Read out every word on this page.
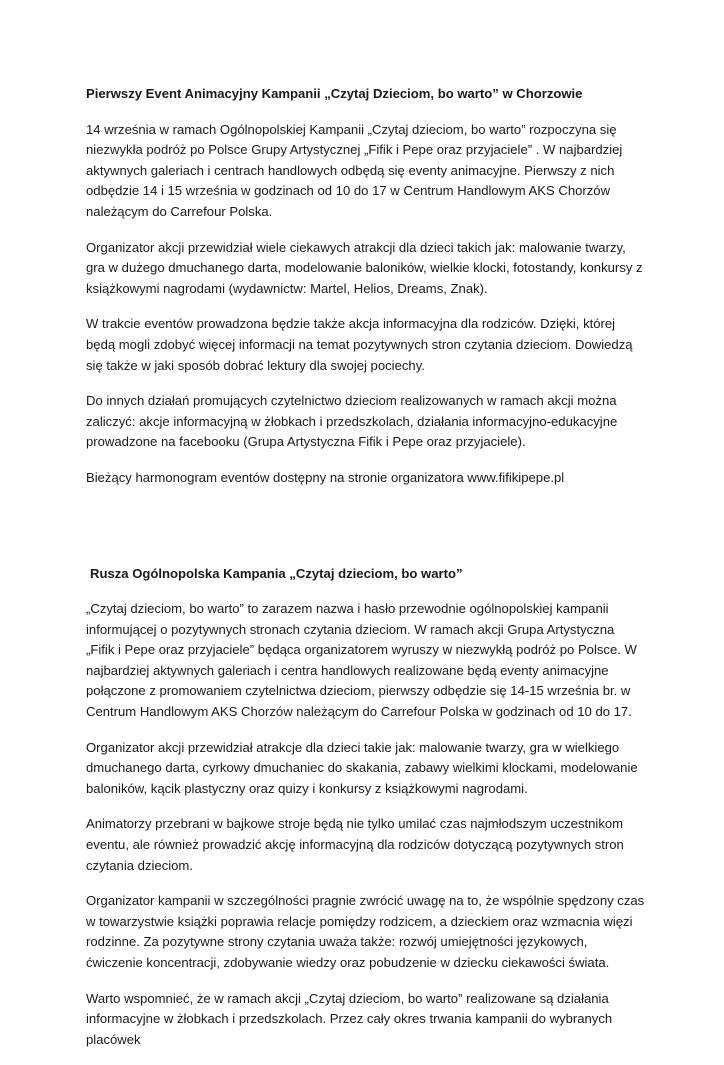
Pierwszy Event Animacyjny Kampanii „Czytaj Dzieciom, bo warto” w Chorzowie
14 września w ramach Ogólnopolskiej Kampanii „Czytaj dzieciom, bo warto” rozpoczyna się niezwykła podróż po Polsce Grupy Artystycznej „Fifik i Pepe oraz przyjaciele” . W najbardziej aktywnych galeriach i centrach handlowych odbędą się eventy animacyjne. Pierwszy z nich odbędzie 14 i 15 września w godzinach od 10 do 17 w Centrum Handlowym AKS Chorzów należącym do Carrefour Polska.
Organizator akcji przewidział wiele ciekawych atrakcji dla dzieci takich jak: malowanie twarzy, gra w dużego dmuchanego darta, modelowanie baloników, wielkie klocki, fotostandy, konkursy z książkowymi nagrodami (wydawnictw: Martel, Helios, Dreams, Znak).
W trakcie eventów prowadzona będzie także akcja informacyjna dla rodziców. Dzięki, której będą mogli zdobyć więcej informacji na temat pozytywnych stron czytania dzieciom. Dowiedzą się także w jaki sposób dobrać lektury dla swojej pociechy.
Do innych działań promujących czytelnictwo dzieciom realizowanych w ramach akcji można zaliczyć: akcje informacyjną w żłobkach i przedszkolach, działania informacyjno-edukacyjne prowadzone na facebooku (Grupa Artystyczna Fifik i Pepe oraz przyjaciele).
Bieżący harmonogram eventów dostępny na stronie organizatora www.fifikipepe.pl
Rusza Ogólnopolska Kampania „Czytaj dzieciom, bo warto”
„Czytaj dzieciom, bo warto” to zarazem nazwa i hasło przewodnie ogólnopolskiej kampanii informującej o pozytywnych stronach czytania dzieciom. W ramach akcji Grupa Artystyczna „Fifik i Pepe oraz przyjaciele” będąca organizatorem wyruszy w niezwykłą podróż po Polsce. W najbardziej aktywnych galeriach i centra handlowych realizowane będą eventy animacyjne połączone z promowaniem czytelnictwa dzieciom, pierwszy odbędzie się 14-15 września br. w Centrum Handlowym AKS Chorzów należącym do Carrefour Polska w godzinach od 10 do 17.
Organizator akcji przewidział atrakcje dla dzieci takie jak: malowanie twarzy, gra w wielkiego dmuchanego darta, cyrkowy dmuchaniec do skakania, zabawy wielkimi klockami, modelowanie baloników, kącik plastyczny oraz quizy i konkursy z książkowymi nagrodami.
Animatorzy przebrani w bajkowe stroje będą nie tylko umilać czas najmłodszym uczestnikom eventu, ale również prowadzić akcję informacyjną dla rodziców dotyczącą pozytywnych stron czytania dzieciom.
Organizator kampanii w szczególności pragnie zwrócić uwagę na to, że wspólnie spędzony czas w towarzystwie książki poprawia relacje pomiędzy rodzicem, a dzieckiem oraz wzmacnia więzi rodzinne. Za pozytywne strony czytania uważa także: rozwój umiejętności językowych, ćwiczenie koncentracji, zdobywanie wiedzy oraz pobudzenie w dziecku ciekawości świata.
Warto wspomnieć, że w ramach akcji „Czytaj dzieciom, bo warto” realizowane są działania informacyjne w żłobkach i przedszkolach. Przez cały okres trwania kampanii do wybranych placówek
